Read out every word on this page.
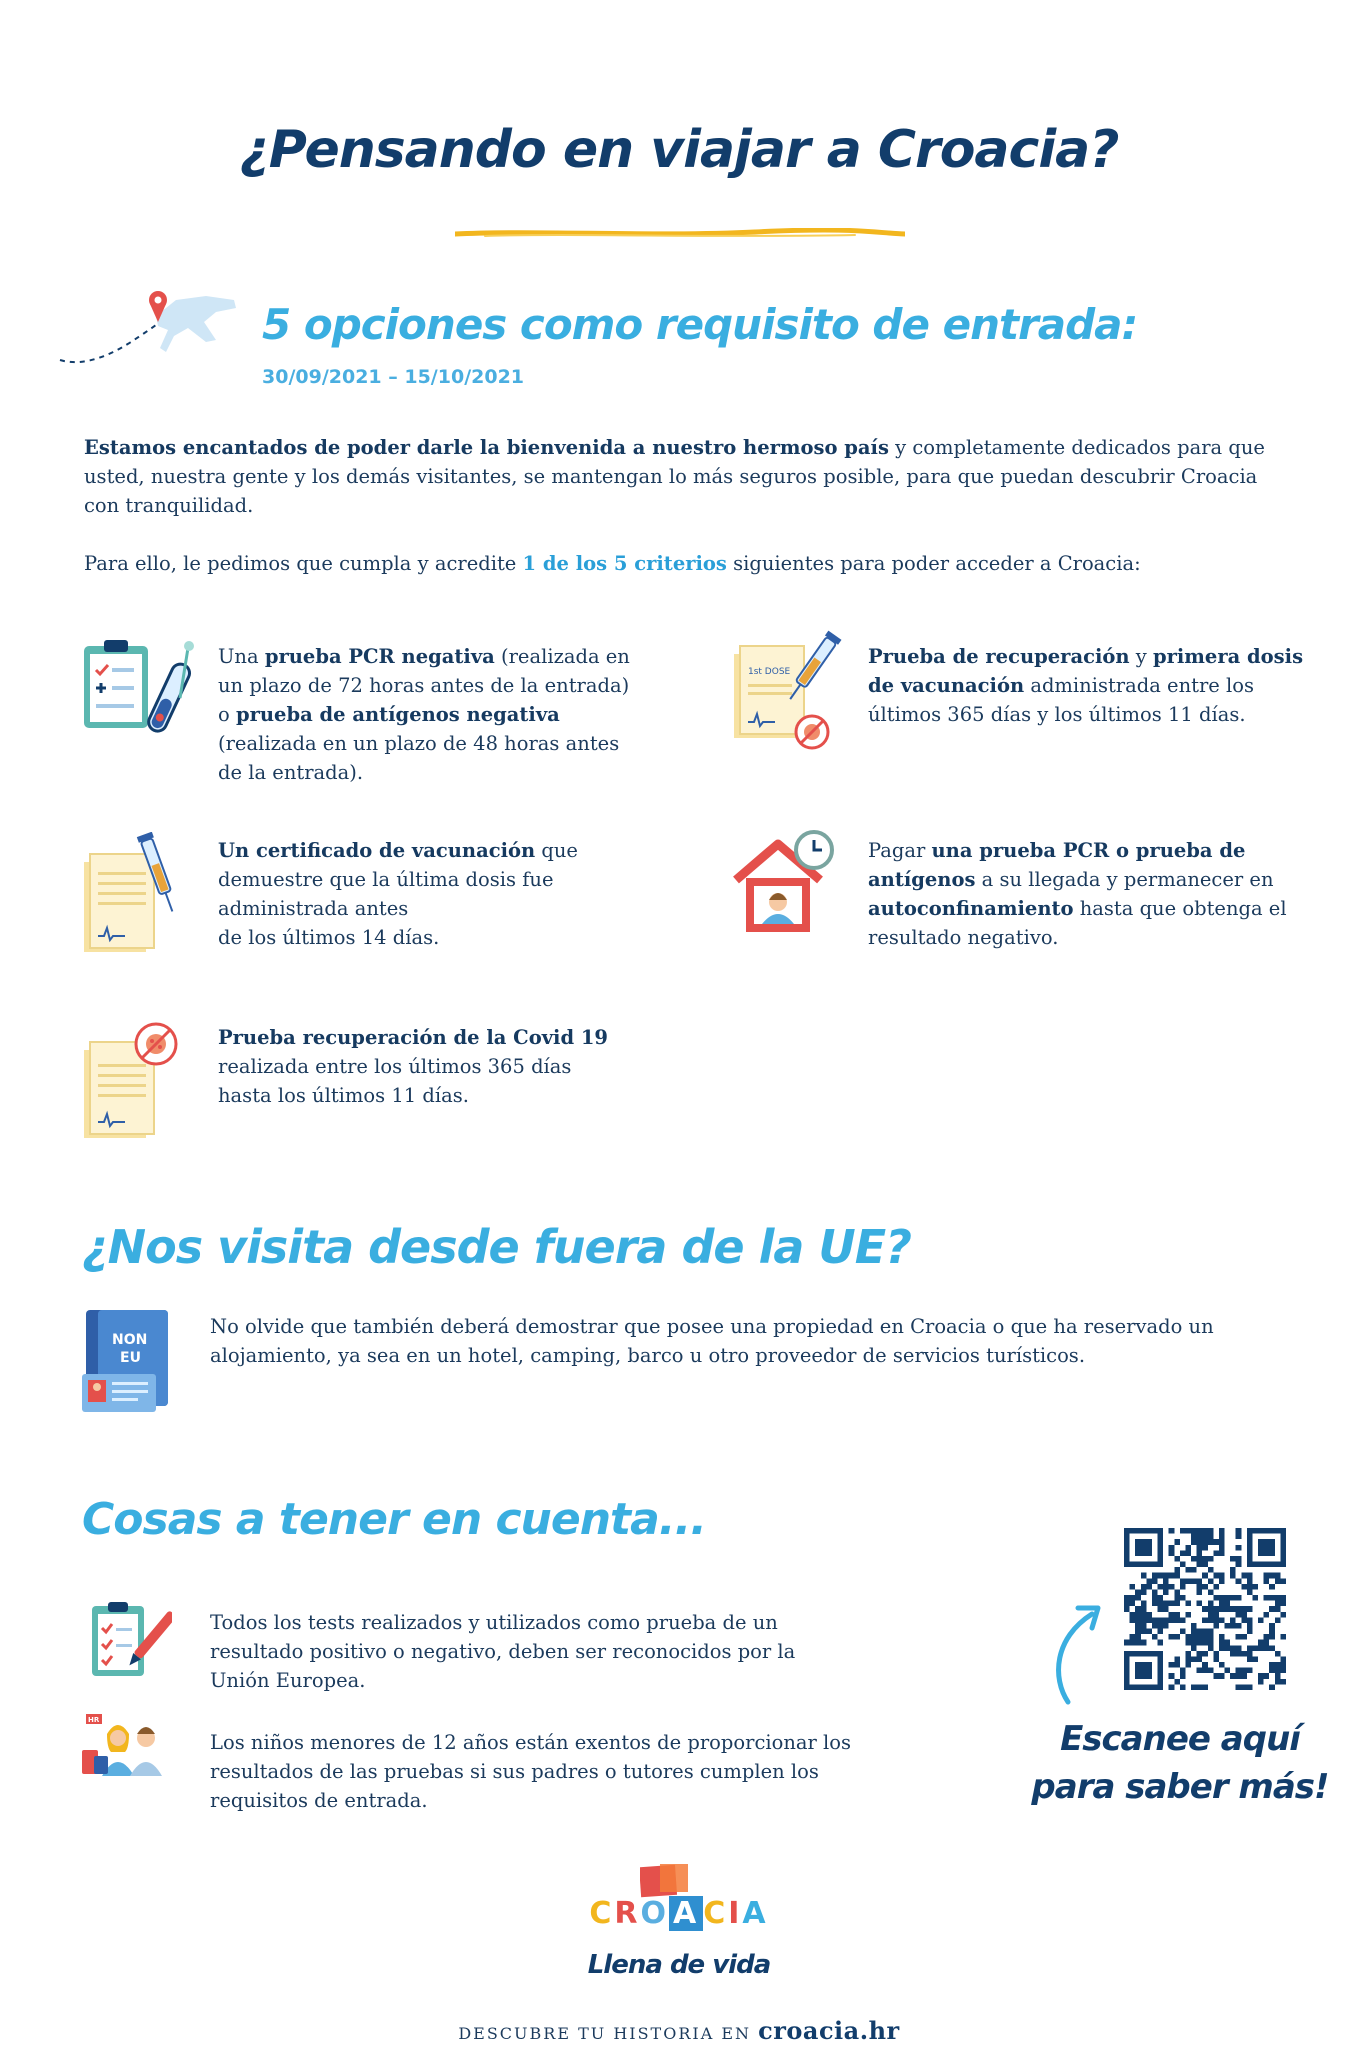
¿Pensando en viajar a Croacia?
5 opciones como requisito de entrada:
30/09/2021 – 15/10/2021
Estamos encantados de poder darle la bienvenida a nuestro hermoso país y completamente dedicados para que usted, nuestra gente y los demás visitantes, se mantengan lo más seguros posible, para que puedan descubrir Croacia con tranquilidad.
Para ello, le pedimos que cumpla y acredite 1 de los 5 criterios siguientes para poder acceder a Croacia:
Una prueba PCR negativa (realizada en un plazo de 72 horas antes de la entrada) o prueba de antígenos negativa (realizada en un plazo de 48 horas antes de la entrada).
1st DOSE
Prueba de recuperación y primera dosis de vacunación administrada entre los últimos 365 días y los últimos 11 días.
Un certificado de vacunación que demuestre que la última dosis fue administrada antes
de los últimos 14 días.
Pagar una prueba PCR o prueba de antígenos a su llegada y permanecer en autoconfinamiento hasta que obtenga el resultado negativo.
Prueba recuperación de la Covid 19
realizada entre los últimos 365 días
hasta los últimos 11 días.
¿Nos visita desde fuera de la UE?
NON
EU
No olvide que también deberá demostrar que posee una propiedad en Croacia o que ha reservado un alojamiento, ya sea en un hotel, camping, barco u otro proveedor de servicios turísticos.
Cosas a tener en cuenta...
Todos los tests realizados y utilizados como prueba de un resultado positivo o negativo, deben ser reconocidos por la Unión Europea.
HR
Los niños menores de 12 años están exentos de proporcionar los resultados de las pruebas si sus padres o tutores cumplen los requisitos de entrada.
Escanee aquí
para saber más!
CRO A CIA
Llena de vida
DESCUBRE TU HISTORIA EN croacia.hr
